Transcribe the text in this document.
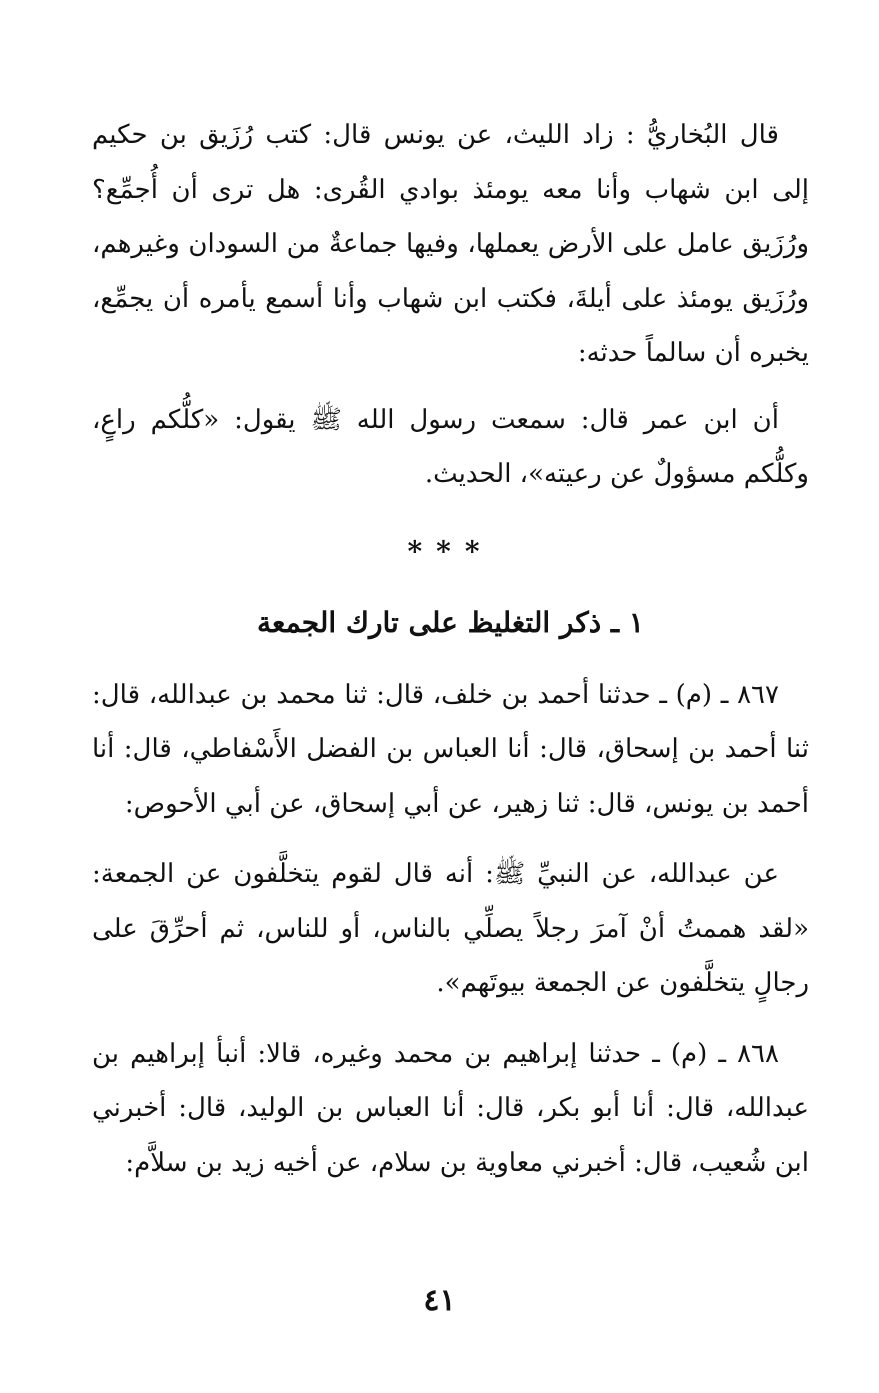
قال البُخاريُّ : زاد الليث، عن يونس قال: كتب رُزَيق بن حكيم إلى ابن شهاب وأنا معه يومئذ بوادي القُرى: هل ترى أن أُجمِّع؟ ورُزَيق عامل على الأرض يعملها، وفيها جماعةٌ من السودان وغيرهم، ورُزَيق يومئذ على أيلةَ، فكتب ابن شهاب وأنا أسمع يأمره أن يجمِّع، يخبره أن سالماً حدثه:

أن ابن عمر قال: سمعت رسول الله ﷺ يقول: «كلُّكم راعٍ، وكلُّكم مسؤولٌ عن رعيته»، الحديث.

***
١ ـ ذكر التغليظ على تارك الجمعة

٨٦٧ ـ (م) ـ حدثنا أحمد بن خلف، قال: ثنا محمد بن عبدالله، قال: ثنا أحمد بن إسحاق، قال: أنا العباس بن الفضل الأَسْفاطي، قال: أنا أحمد بن يونس، قال: ثنا زهير، عن أبي إسحاق، عن أبي الأحوص:

عن عبدالله، عن النبيِّ ﷺ: أنه قال لقوم يتخلَّفون عن الجمعة: «لقد هممتُ أنْ آمرَ رجلاً يصلِّي بالناس، أو للناس، ثم أحرِّقَ على رجالٍ يتخلَّفون عن الجمعة بيوتَهم».

٨٦٨ ـ (م) ـ حدثنا إبراهيم بن محمد وغيره، قالا: أنبأ إبراهيم بن عبدالله، قال: أنا أبو بكر، قال: أنا العباس بن الوليد، قال: أخبرني ابن شُعيب، قال: أخبرني معاوية بن سلام، عن أخيه زيد بن سلاَّم:

٤١
